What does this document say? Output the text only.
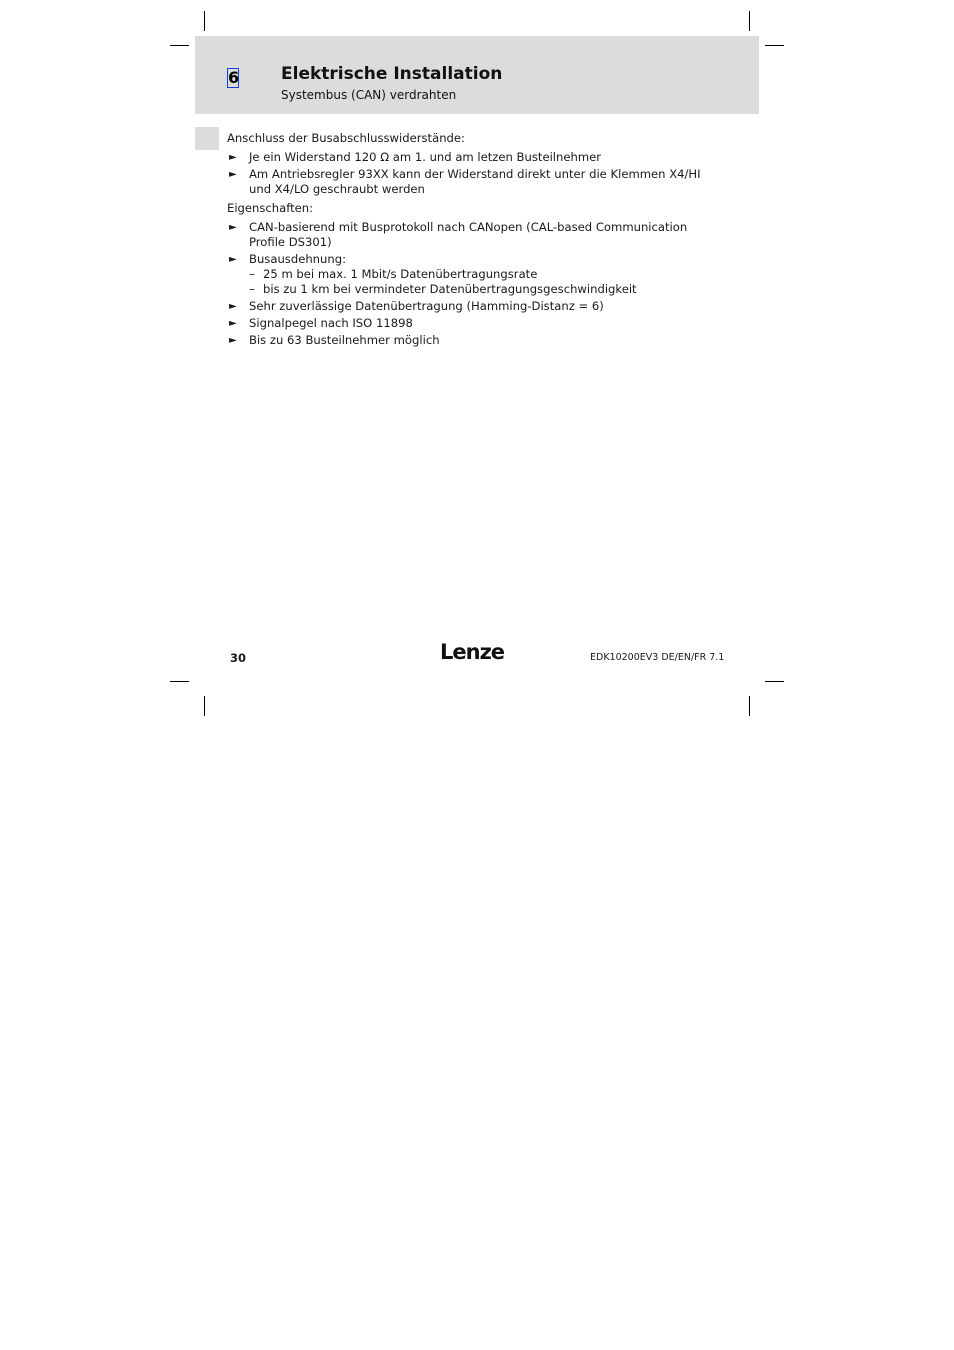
6 Elektrische Installation
Systembus (CAN) verdrahten

Anschluss der Busabschlusswiderstände:

► Je ein Widerstand 120 Ω am 1. und am letzen Busteilnehmer
► Am Antriebsregler 93XX kann der Widerstand direkt unter die Klemmen X4/HI und X4/LO geschraubt werden

Eigenschaften:

► CAN-basierend mit Busprotokoll nach CANopen (CAL-based Communication Profile DS301)
► Busausdehnung:
– 25 m bei max. 1 Mbit/s Datenübertragungsrate
– bis zu 1 km bei vermindeter Datenübertragungsgeschwindigkeit
► Sehr zuverlässige Datenübertragung (Hamming-Distanz = 6)
► Signalpegel nach ISO 11898
► Bis zu 63 Busteilnehmer möglich
30	Lenze	EDK10200EV3 DE/EN/FR 7.1
